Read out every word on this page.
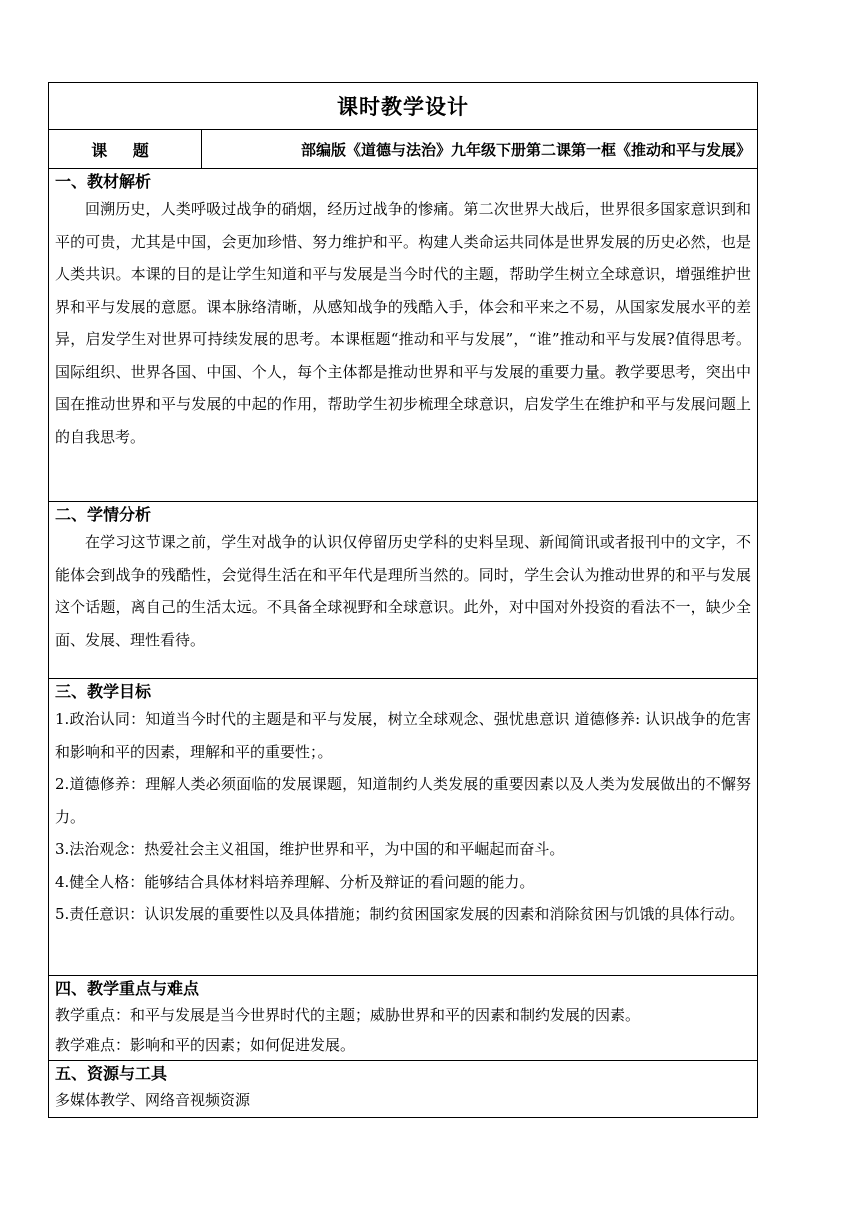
课时教学设计
课 题	部编版《道德与法治》九年级下册第二课第一框《推动和平与发展》

一、教材解析

回溯历史，人类呼吸过战争的硝烟，经历过战争的惨痛。第二次世界大战后，世界很多国家意识到和平的可贵，尤其是中国，会更加珍惜、努力维护和平。构建人类命运共同体是世界发展的历史必然，也是人类共识。本课的目的是让学生知道和平与发展是当今时代的主题，帮助学生树立全球意识，增强维护世界和平与发展的意愿。课本脉络清晰，从感知战争的残酷入手，体会和平来之不易，从国家发展水平的差异，启发学生对世界可持续发展的思考。本课框题“推动和平与发展”，“谁”推动和平与发展?值得思考。国际组织、世界各国、中国、个人，每个主体都是推动世界和平与发展的重要力量。教学要思考，突出中国在推动世界和平与发展的中起的作用，帮助学生初步梳理全球意识，启发学生在维护和平与发展问题上的自我思考。

二、学情分析

在学习这节课之前，学生对战争的认识仅停留历史学科的史料呈现、新闻简讯或者报刊中的文字，不能体会到战争的残酷性，会觉得生活在和平年代是理所当然的。同时，学生会认为推动世界的和平与发展这个话题，离自己的生活太远。不具备全球视野和全球意识。此外，对中国对外投资的看法不一，缺少全面、发展、理性看待。

三、教学目标

1.政治认同：知道当今时代的主题是和平与发展，树立全球观念、强忧患意识 道德修养: 认识战争的危害和影响和平的因素，理解和平的重要性；。

2.道德修养：理解人类必须面临的发展课题，知道制约人类发展的重要因素以及人类为发展做出的不懈努力。

3.法治观念：热爱社会主义祖国，维护世界和平，为中国的和平崛起而奋斗。

4.健全人格：能够结合具体材料培养理解、分析及辩证的看问题的能力。

5.责任意识：认识发展的重要性以及具体措施；制约贫困国家发展的因素和消除贫困与饥饿的具体行动。

四、教学重点与难点

教学重点：和平与发展是当今世界时代的主题；威胁世界和平的因素和制约发展的因素。

教学难点：影响和平的因素；如何促进发展。

五、资源与工具

多媒体教学、网络音视频资源
